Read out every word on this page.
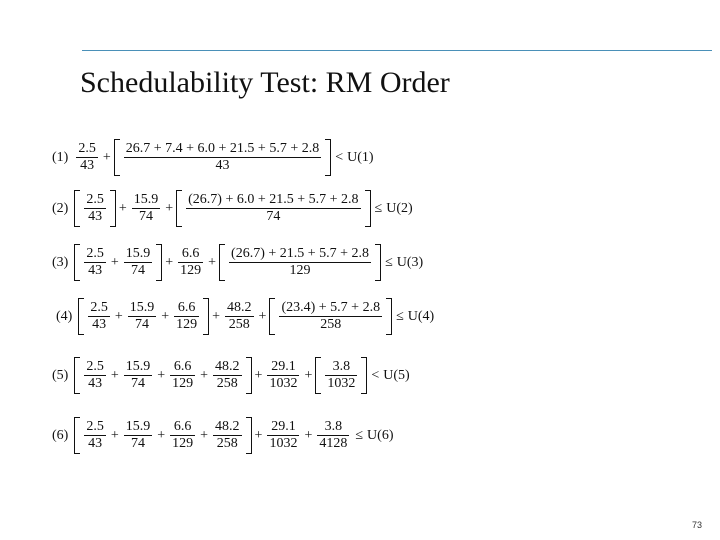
Schedulability Test: RM Order
$(1) \frac{2.5}{43} + \frac{26.7 + 7.4 + 6.0 + 21.5 + 5.7 + 2.8}{43} < U(1)$
$(2) \frac{2.5}{43} + \frac{15.9}{74} + \frac{(26.7) + 6.0 + 21.5 + 5.7 + 2.8}{74} \le U(2)$
$(3) \frac{2.5}{43} + \frac{15.9}{74} + \frac{6.6}{129} + \frac{(26.7) + 21.5 + 5.7 + 2.8}{129} \le U(3)$
$(4) \frac{2.5}{43} + \frac{15.9}{74} + \frac{6.6}{129} + \frac{48.2}{258} + \frac{(23.4) + 5.7 + 2.8}{258} \le U(4)$
$(5) \frac{2.5}{43} + \frac{15.9}{74} + \frac{6.6}{129} + \frac{48.2}{258} + \frac{29.1}{1032} + \frac{3.8}{1032} < U(5)$
$(6) \frac{2.5}{43} + \frac{15.9}{74} + \frac{6.6}{129} + \frac{48.2}{258} + \frac{29.1}{1032} + \frac{3.8}{4128} \le U(6)$
73
